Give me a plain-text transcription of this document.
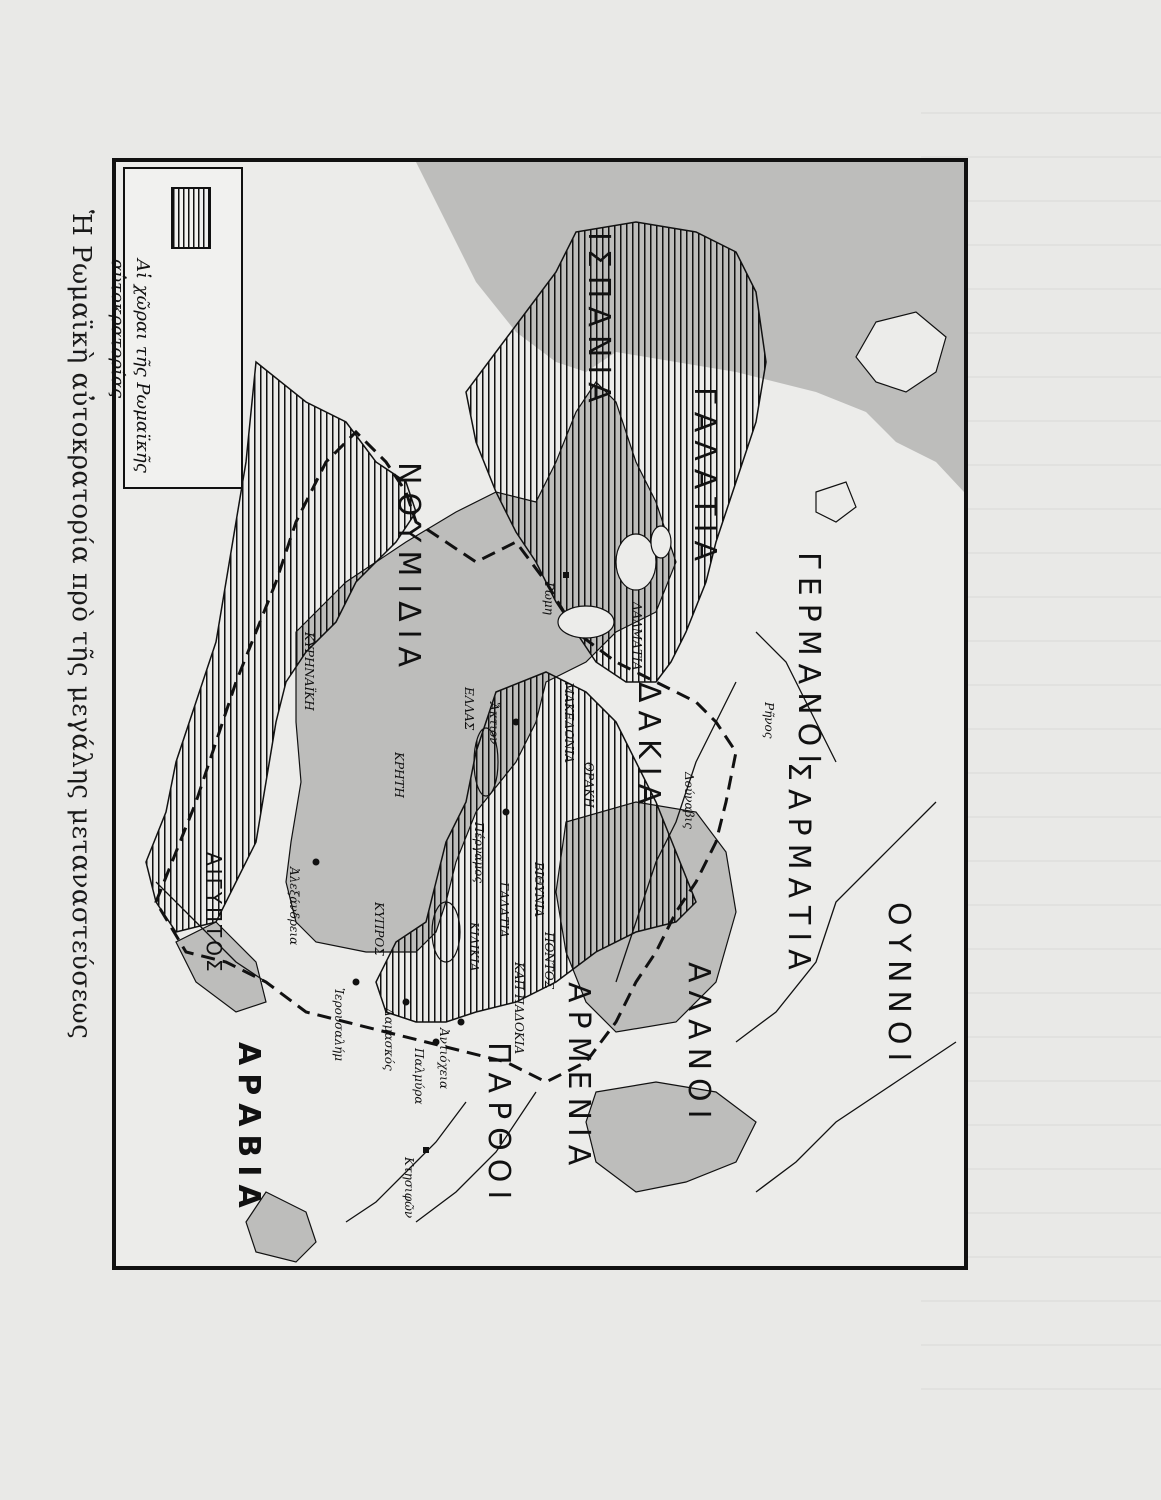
Ἡ Ρωμαϊκὴ αὐτοκρατορία πρὸ τῆς μεγάλης μεταναστεύσεως Αἱ χῶραι τῆς Ρωμαϊκῆς
αὐτοκρατορίας	ΙΣΠΑΝΙΑ
ΓΑΛΑΤΙΑ
ΝΟΥΜΙΔΙΑ	ΓΕΡΜΑΝΟΙ
ΣΑΡΜΑΤΙΑ
ΔΑΚΙΑ
ΟΥΝΝΟΙ
ΑΛΑΝΟΙ
ΑΡΜΕΝΙΑ
ΠΑΡΘΟΙ
ΑΡΑΒΙΑ
ΑΙΓΥΠΤΟΣ
ΚΥΡΗΝΑΪΚΗ
ΜΑΚΕΔΟΝΙΑ
ΘΡΑΚΗ
ΔΑΛΜΑΤΙΑ
ΕΛΛΑΣ
ΚΡΗΤΗ
ΚΥΠΡΟΣ
ΒΙΘΥΝΙΑ
ΠΟΝΤΟΣ
ΓΑΛΑΤΙΑ
ΚΑΠ-ΠΑΔΟΚΙΑ
ΚΙΛΙΚΙΑ
Ρώμη
Ἄκτιον
Πέργαμος
Ἀλεξάνδρεια
Ἀντιόχεια
Παλμύρα
Δαμασκός
Ἱερουσαλήμ
Κτησιφῶν
Ρῆνος
Δούναβις
